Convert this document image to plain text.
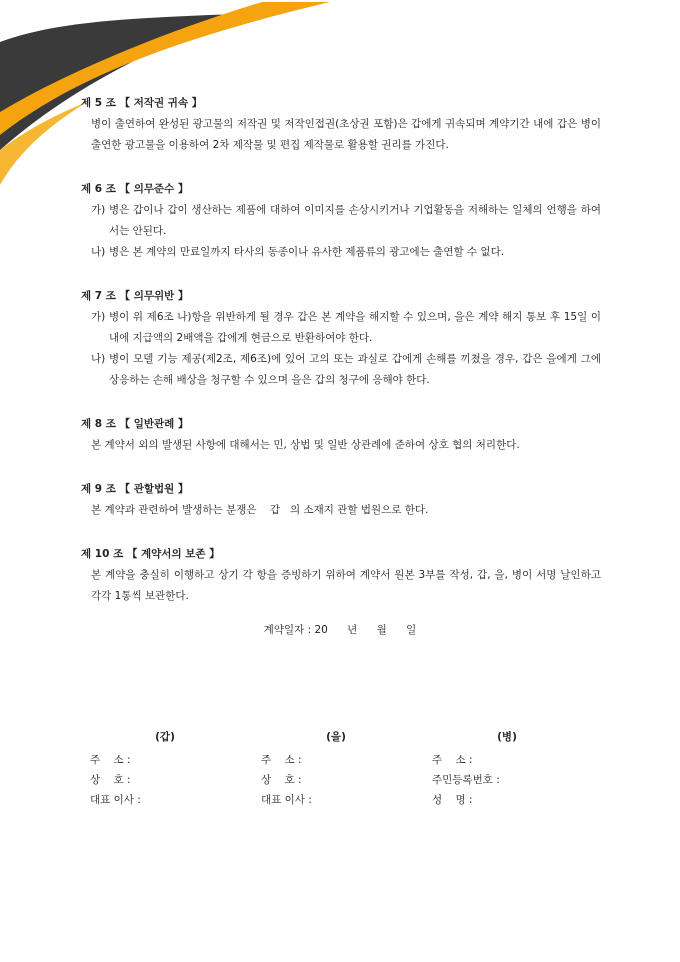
제 5 조 【 저작권 귀속 】
병이 출연하여 완성된 광고물의 저작권 및 저작인접권(초상권 포함)은 갑에게 귀속되며 계약기간 내에 갑은 병이 출연한 광고물을 이용하여 2차 제작물 및 편집 제작물로 활용할 권리를 가진다.
제 6 조 【 의무준수 】
가) 병은 갑이나 갑이 생산하는 제품에 대하여 이미지를 손상시키거나 기업활동을 저해하는 일체의 언행을 하여서는 안된다.
나) 병은 본 계약의 만료일까지 타사의 동종이나 유사한 제품류의 광고에는 출연할 수 없다.
제 7 조 【 의무위반 】
가) 병이 위 제6조 나)항을 위반하게 될 경우 갑은 본 계약을 해지할 수 있으며, 을은 계약 해지 통보 후 15일 이내에 지급액의 2배액을 갑에게 현금으로 반환하여야 한다.
나) 병이 모델 기능 제공(제2조, 제6조)에 있어 고의 또는 과실로 갑에게 손해를 끼쳤을 경우, 갑은 을에게 그에 상응하는 손해 배상을 청구할 수 있으며 을은 갑의 청구에 응해야 한다.
제 8 조 【 일반관례 】
본 계약서 외의 발생된 사항에 대해서는 민, 상법 및 일반 상관례에 준하여 상호 협의 처리한다.
제 9 조 【 관할법원 】
본 계약과 관련하여 발생하는 분쟁은    갑   의 소재지 관할 법원으로 한다.
제 10 조 【 계약서의 보존 】
본 계약을 충실히 이행하고 상기 각 항을 증빙하기 위하여 계약서 원본 3부를 작성, 갑, 을, 병이 서명 날인하고 각각 1통씩 보관한다.
계약일자 : 20 년 월 일
(갑)
주    소 :
상    호 :
대표 이사 :
(을)
주    소 :
상    호 :
대표 이사 :
(병)
주    소 :
주민등록번호 :
성    명 :
